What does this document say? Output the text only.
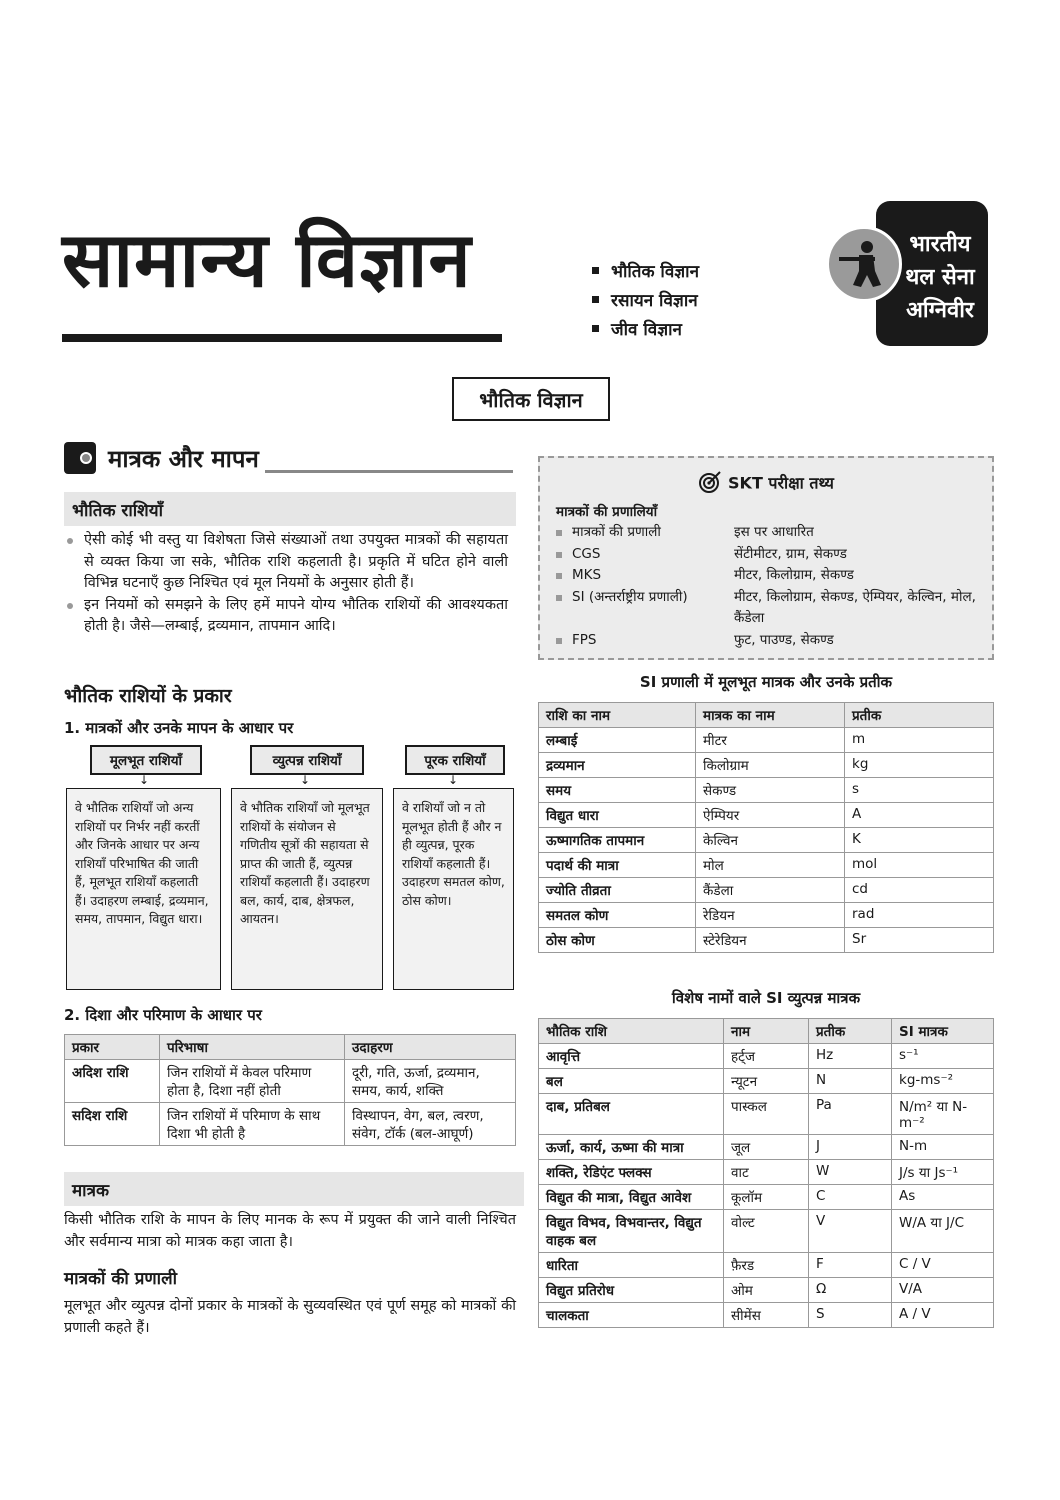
सामान्य विज्ञान	भौतिक विज्ञान
रसायन विज्ञान
जीव विज्ञान
भारतीय
थल सेना
अग्निवीर
भौतिक विज्ञान
मात्रक और मापन
भौतिक राशियाँ
ऐसी कोई भी वस्तु या विशेषता जिसे संख्याओं तथा उपयुक्त मात्रकों की सहायता से व्यक्त किया जा सके, भौतिक राशि कहलाती है। प्रकृति में घटित होने वाली विभिन्न घटनाएँ कुछ निश्चित एवं मूल नियमों के अनुसार होती हैं।
इन नियमों को समझने के लिए हमें मापने योग्य भौतिक राशियों की आवश्यकता होती है। जैसे—लम्बाई, द्रव्यमान, तापमान आदि।
भौतिक राशियों के प्रकार
1. मात्रकों और उनके मापन के आधार पर
मूलभूत राशियाँ	व्युत्पन्न राशियाँ	पूरक राशियाँ
↓	↓	↓
वे भौतिक राशियाँ जो अन्य राशियों पर निर्भर नहीं करतीं और जिनके आधार पर अन्य राशियाँ परिभाषित की जाती हैं, मूलभूत राशियाँ कहलाती हैं। उदाहरण लम्बाई, द्रव्यमान, समय, तापमान, विद्युत धारा।
वे भौतिक राशियाँ जो मूलभूत राशियों के संयोजन से गणितीय सूत्रों की सहायता से प्राप्त की जाती हैं, व्युत्पन्न राशियाँ कहलाती हैं। उदाहरण बल, कार्य, दाब, क्षेत्रफल, आयतन।
वे राशियाँ जो न तो मूलभूत होती हैं और न ही व्युत्पन्न, पूरक राशियाँ कहलाती हैं। उदाहरण समतल कोण, ठोस कोण।
2. दिशा और परिमाण के आधार पर
प्रकार	परिभाषा	उदाहरण
अदिश राशि	जिन राशियों में केवल परिमाण होता है, दिशा नहीं होती	दूरी, गति, ऊर्जा, द्रव्यमान, समय, कार्य, शक्ति
सदिश राशि	जिन राशियों में परिमाण के साथ दिशा भी होती है	विस्थापन, वेग, बल, त्वरण, संवेग, टॉर्क (बल-आघूर्ण)
मात्रक
किसी भौतिक राशि के मापन के लिए मानक के रूप में प्रयुक्त की जाने वाली निश्चित और सर्वमान्य मात्रा को मात्रक कहा जाता है।
मात्रकों की प्रणाली
मूलभूत और व्युत्पन्न दोनों प्रकार के मात्रकों के सुव्यवस्थित एवं पूर्ण समूह को मात्रकों की प्रणाली कहते हैं।
SKT परीक्षा तथ्य
मात्रकों की प्रणालियाँ
मात्रकों की प्रणाली	इस पर आधारित
CGS	सेंटीमीटर, ग्राम, सेकण्ड
MKS	मीटर, किलोग्राम, सेकण्ड
SI (अन्तर्राष्ट्रीय प्रणाली)	मीटर, किलोग्राम, सेकण्ड, ऐम्पियर, केल्विन, मोल, कैंडेला
FPS	फुट, पाउण्ड, सेकण्ड
SI प्रणाली में मूलभूत मात्रक और उनके प्रतीक
राशि का नाम	मात्रक का नाम	प्रतीक
लम्बाई	मीटर	m
द्रव्यमान	किलोग्राम	kg
समय	सेकण्ड	s
विद्युत धारा	ऐम्पियर	A
ऊष्मागतिक तापमान	केल्विन	K
पदार्थ की मात्रा	मोल	mol
ज्योति तीव्रता	कैंडेला	cd
समतल कोण	रेडियन	rad
ठोस कोण	स्टेरेडियन	Sr
विशेष नामों वाले SI व्युत्पन्न मात्रक
भौतिक राशि	नाम	प्रतीक	SI मात्रक
आवृत्ति	हर्ट्ज	Hz	s⁻¹
बल	न्यूटन	N	kg-ms⁻²
दाब, प्रतिबल	पास्कल	Pa	N/m² या N-m⁻²
ऊर्जा, कार्य, ऊष्मा की मात्रा	जूल	J	N-m
शक्ति, रेडिएंट फ्लक्स	वाट	W	J/s या Js⁻¹
विद्युत की मात्रा, विद्युत आवेश	कूलॉम	C	As
विद्युत विभव, विभवान्तर, विद्युत वाहक बल	वोल्ट	V	W/A या J/C
धारिता	फ़ैरड	F	C / V
विद्युत प्रतिरोध	ओम	Ω	V/A
चालकता	सीमेंस	S	A / V
